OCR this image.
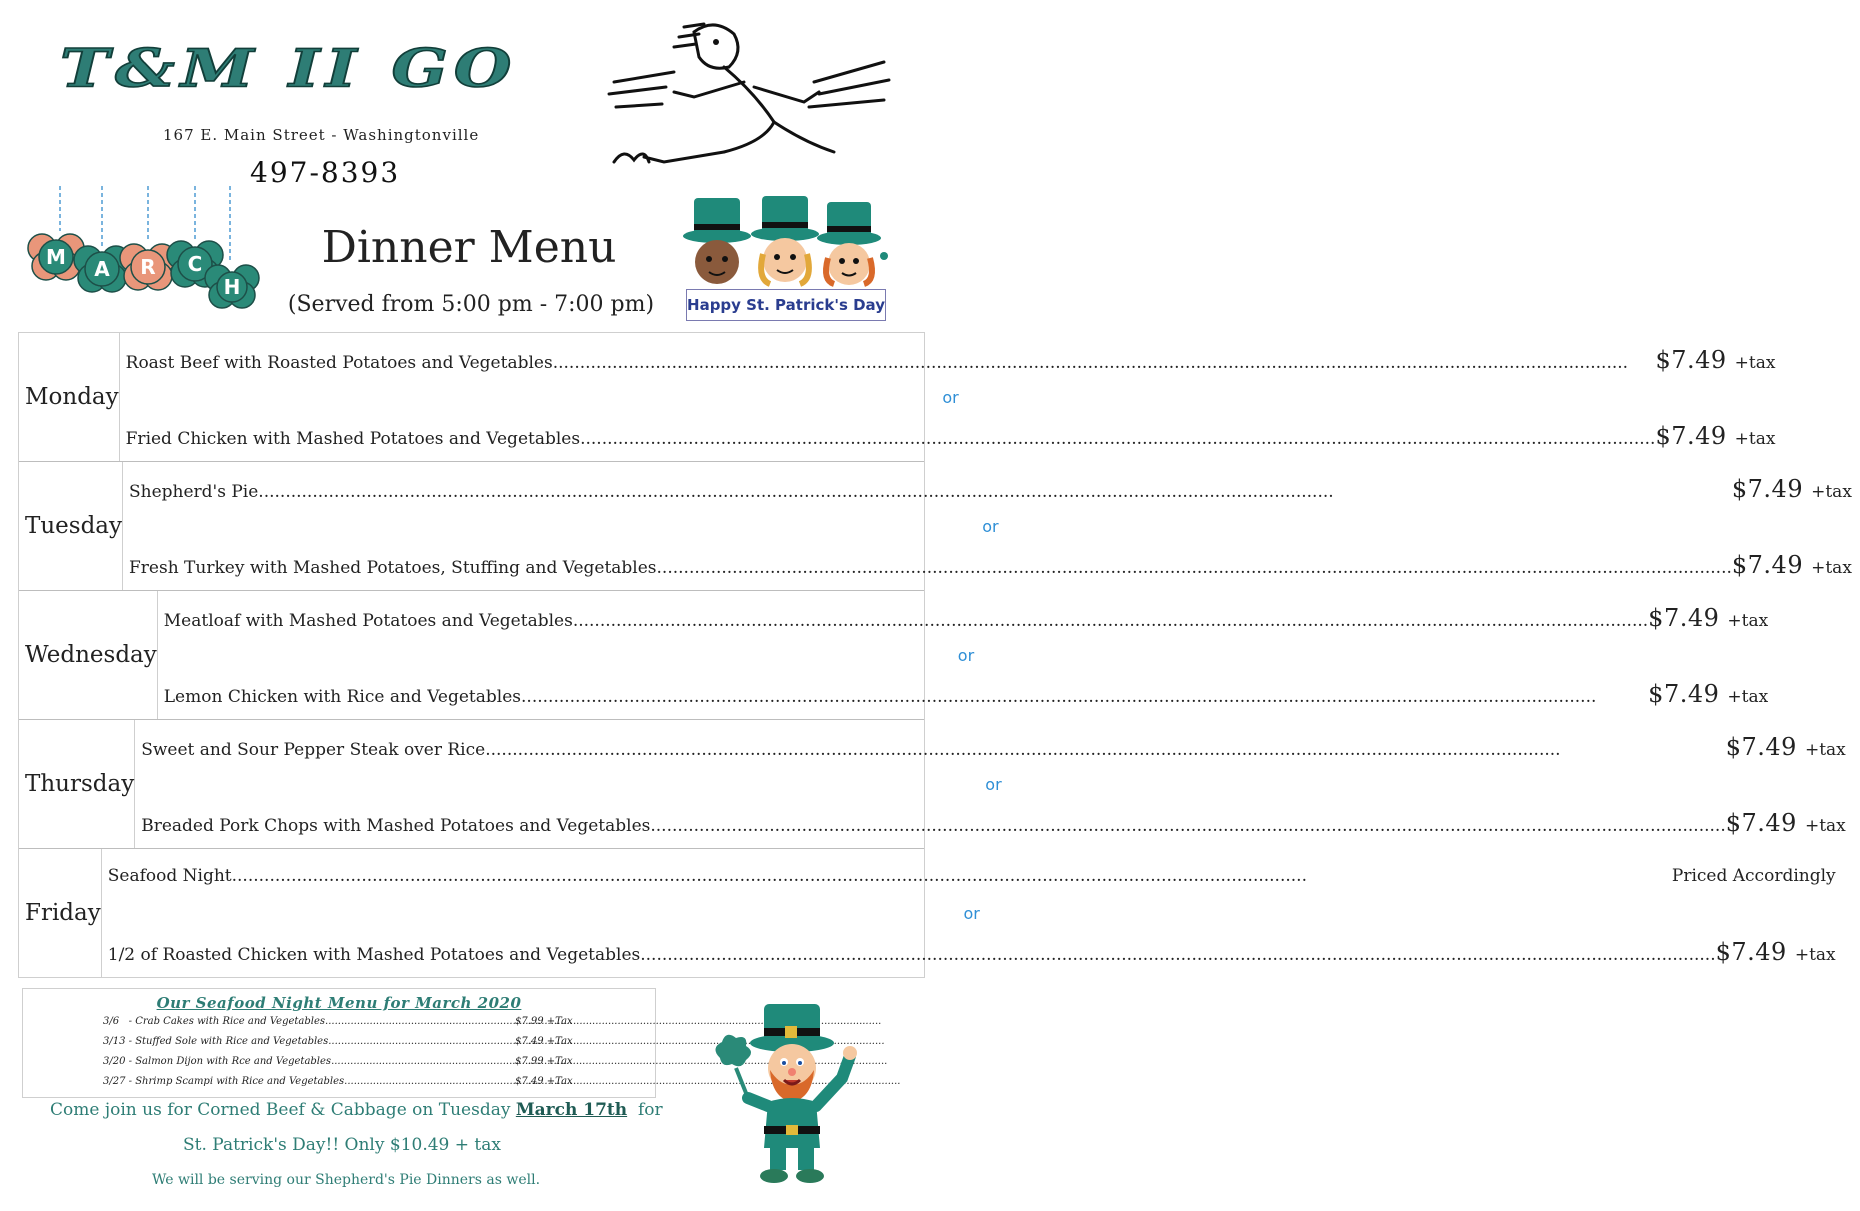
T&M II GO
167 E. Main Street - Washingtonville
497-8393
M A R C
H
Dinner Menu
(Served from 5:00 pm - 7:00 pm)	Happy St. Patrick's Day
Monday
Roast Beef with Roasted Potatoes and Vegetables .....	$7.49 +tax
or
Fried Chicken with Mashed Potatoes and Vegetables .....	$7.49 +tax
Tuesday
Shepherd's Pie .....	$7.49 +tax
or
Fresh Turkey with Mashed Potatoes, Stuffing and Vegetables .....	$7.49 +tax
Wednesday
Meatloaf with Mashed Potatoes and Vegetables .....	$7.49 +tax
or
Lemon Chicken with Rice and Vegetables .....	$7.49 +tax
Thursday
Sweet and Sour Pepper Steak over Rice .....	$7.49 +tax
or
Breaded Pork Chops with Mashed Potatoes and Vegetables .....	$7.49 +tax
Friday
Seafood Night .....	Priced Accordingly
or
1/2 of Roasted Chicken with Mashed Potatoes and Vegetables .....	$7.49 +tax
Our Seafood Night Menu for March 2020
3/6   - Crab Cakes with Rice and Vegetables .....	$7.99 +Tax
3/13 - Stuffed Sole with Rice and Vegetables .....	$7.49 +Tax
3/20 - Salmon Dijon with Rce and Vegetables .....	$7.99 +Tax
3/27 - Shrimp Scampi with Rice and Vegetables .....	$7.49 +Tax
Come join us for Corned Beef & Cabbage on Tuesday March 17th  for
St. Patrick's Day!! Only $10.49 + tax
We will be serving our Shepherd's Pie Dinners as well.
